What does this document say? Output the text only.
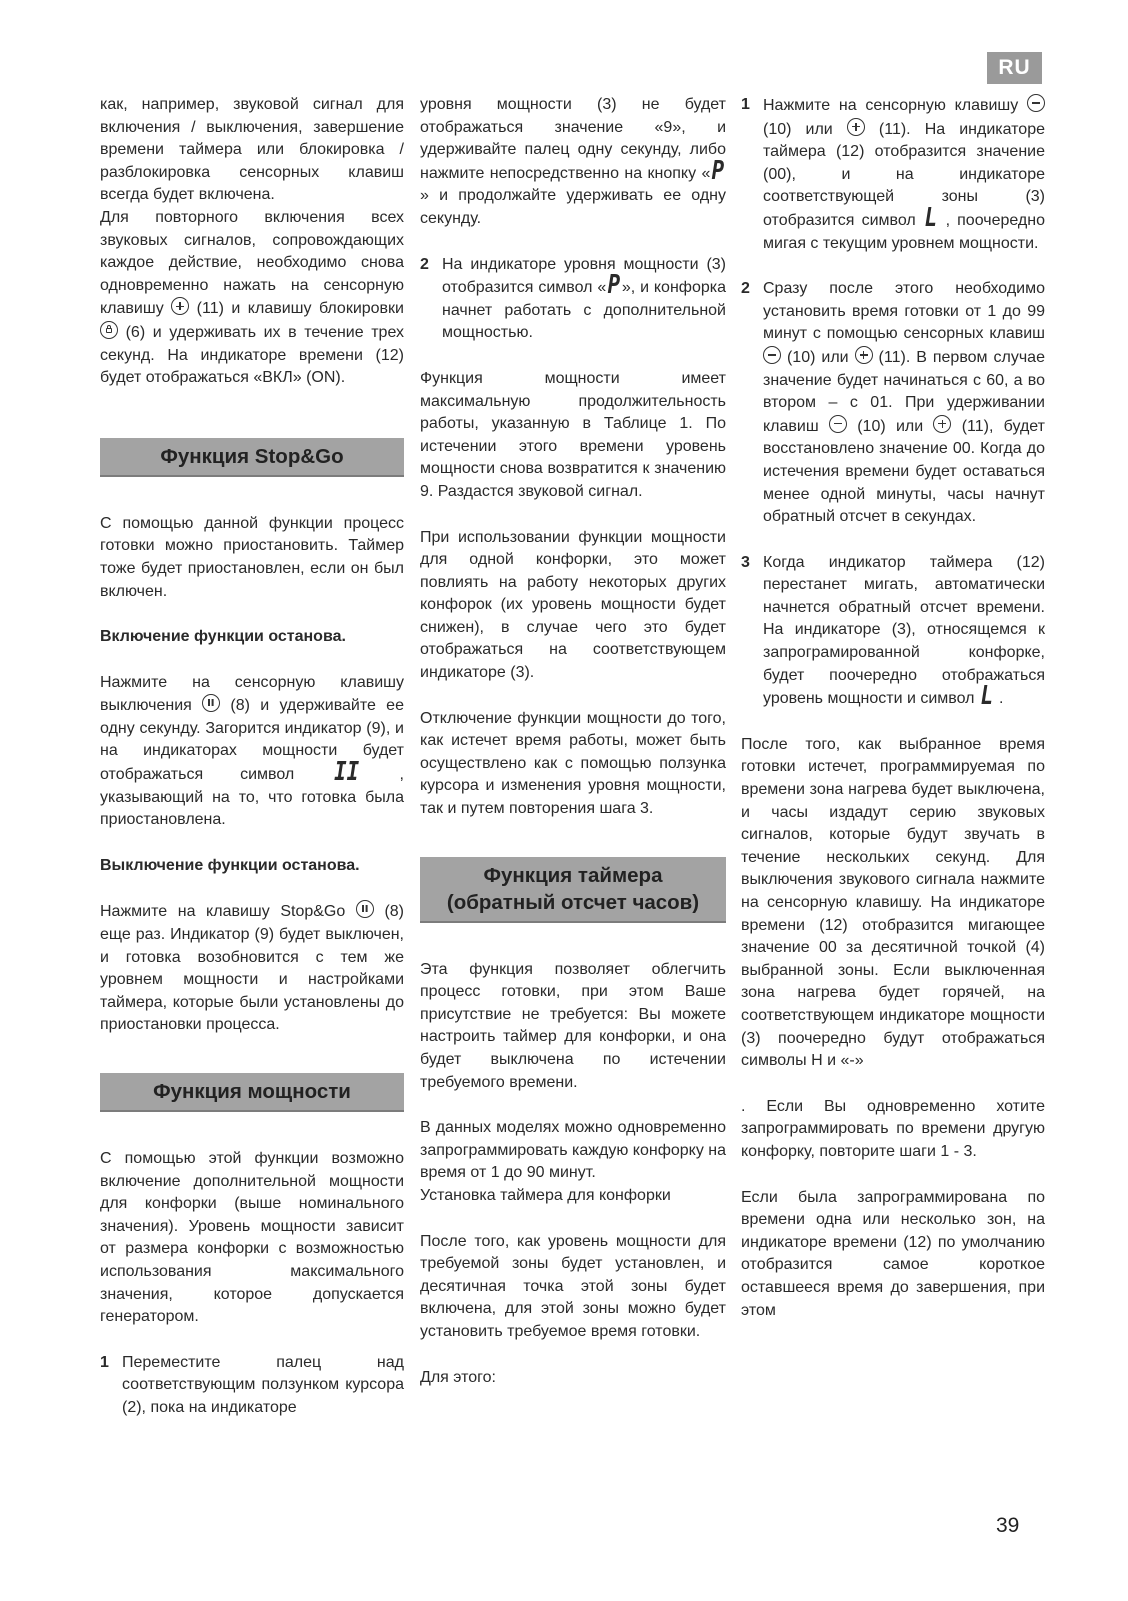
RU

как, например, звуковой сигнал для включения / выключения, завершение времени таймера или блокировка / разблокировка сенсорных клавиш всегда будет включена.

Для повторного включения всех звуковых сигналов, сопровождающих каждое действие, необходимо снова одновременно нажать на сенсорную клавишу (11) и клавишу блокировки  (6) и удерживать их в течение трех секунд. На индикаторе времени (12) будет отображаться «ВКЛ» (ON).

Функция Stop&Go

С помощью данной функции процесс готовки можно приостановить. Таймер тоже будет приостановлен, если он был включен.

Включение функции останова.

Нажмите на сенсорную клавишу выключения (8) и удерживайте ее одну секунду. Загорится индикатор (9), и на индикаторах мощности будет отображаться символ II	, указывающий на то, что готовка была приостановлена.

Выключение функции останова.

Нажмите на клавишу Stop&Go (8) еще раз. Индикатор (9) будет выключен, и готовка возобновится с тем же уровнем мощности и настройками таймера, которые были установлены до приостановки процесса.

Функция мощности

С помощью этой функции возможно включение дополнительной мощности для конфорки (выше номинального значения). Уровень мощности зависит от размера конфорки с возможностью использования максимального значения, которое допускается генератором.

1 Переместите палец над соответствующим ползунком курсора (2), пока на индикаторе

уровня мощности (3) не будет отображаться значение «9», и удерживайте палец одну секунду, либо нажмите непосредственно на кнопку «P» и продолжайте удерживать ее одну секунду.

2 На индикаторе уровня мощности (3) отобразится символ «P», и конфорка начнет работать с дополнительной мощностью.

Функция мощности имеет максимальную продолжительность работы, указанную в Таблице 1. По истечении этого времени уровень мощности снова возвратится к значению 9. Раздастся звуковой сигнал.

При использовании функции мощности для одной конфорки, это может повлиять на работу некоторых других конфорок (их уровень мощности будет снижен), в случае чего это будет отображаться на соответствующем индикаторе (3).

Отключение функции мощности до того, как истечет время работы, может быть осуществлено как с помощью ползунка курсора и изменения уровня мощности, так и путем повторения шага 3.

Функция таймера
(обратный отсчет часов)

Эта функция позволяет облегчить процесс готовки, при этом Ваше присутствие не требуется: Вы можете настроить таймер для конфорки, и она будет выключена по истечении требуемого времени.

В данных моделях можно одновременно запрограммировать каждую конфорку на время от 1 до 90 минут.

Установка таймера для конфорки

После того, как уровень мощности для требуемой зоны будет установлен, и десятичная точка этой зоны будет включена, для этой зоны можно будет установить требуемое время готовки.

Для этого:

1 Нажмите на сенсорную клавишу  (10) или	(11). На индикаторе таймера (12) отобразится значение (00), и на индикаторе соответствующей зоны (3) отобразится символ L , поочередно мигая с текущим уровнем мощности.
2 Сразу после этого необходимо установить время готовки от 1 до 99 минут с помощью сенсорных клавиш  (10) или (11). В первом случае значение будет начинаться с 60, а во втором – с 01. При удерживании клавиш (10) или (11), будет восстановлено значение 00. Когда до истечения времени будет оставаться менее одной минуты, часы начнут обратный отсчет в секундах.
3 Когда индикатор таймера (12) перестанет мигать, автоматически начнется обратный отсчет времени. На индикаторе (3), относящемся к запрограмированной конфорке, будет поочередно отображаться уровень мощности и символ L .

После того, как выбранное время готовки истечет, программируемая по времени зона нагрева будет выключена, и часы издадут серию звуковых сигналов, которые будут звучать в течение нескольких секунд. Для выключения звукового сигнала нажмите на сенсорную клавишу. На индикаторе времени (12) отобразится мигающее значение 00 за десятичной точкой (4) выбранной зоны. Если выключенная зона нагрева будет горячей, на соответствующем индикаторе мощности (3) поочередно будут отображаться символы H и «-»

. Если Вы одновременно хотите запрограммировать по времени другую конфорку, повторите шаги 1 - 3.

Если была запрограммирована по времени одна или несколько зон, на индикаторе времени (12) по умолчанию отобразится самое короткое оставшееся время до завершения, при этом

39
